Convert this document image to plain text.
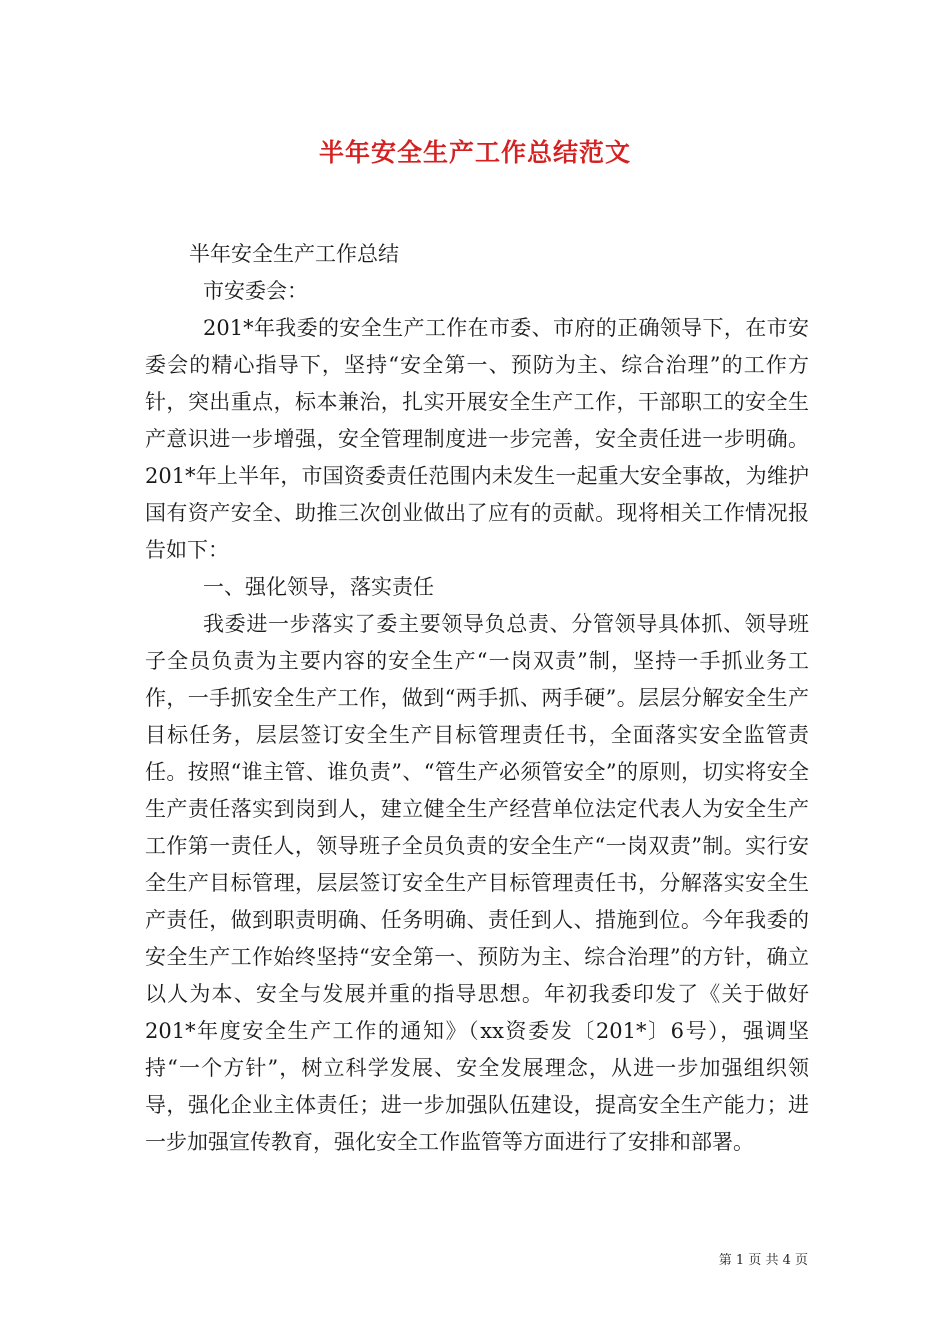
半年安全生产工作总结范文

半年安全生产工作总结

市安委会：

201*年我委的安全生产工作在市委、市府的正确领导下，在市安委会的精心指导下，坚持“安全第一、预防为主、综合治理”的工作方针，突出重点，标本兼治，扎实开展安全生产工作，干部职工的安全生产意识进一步增强，安全管理制度进一步完善，安全责任进一步明确。201*年上半年，市国资委责任范围内未发生一起重大安全事故，为维护国有资产安全、助推三次创业做出了应有的贡献。现将相关工作情况报告如下：

一、强化领导，落实责任

我委进一步落实了委主要领导负总责、分管领导具体抓、领导班子全员负责为主要内容的安全生产“一岗双责”制，坚持一手抓业务工作，一手抓安全生产工作，做到“两手抓、两手硬”。层层分解安全生产目标任务，层层签订安全生产目标管理责任书，全面落实安全监管责任。按照“谁主管、谁负责”、“管生产必须管安全”的原则，切实将安全生产责任落实到岗到人，建立健全生产经营单位法定代表人为安全生产工作第一责任人，领导班子全员负责的安全生产“一岗双责”制。实行安全生产目标管理，层层签订安全生产目标管理责任书，分解落实安全生产责任，做到职责明确、任务明确、责任到人、措施到位。今年我委的安全生产工作始终坚持“安全第一、预防为主、综合治理”的方针，确立以人为本、安全与发展并重的指导思想。年初我委印发了《关于做好201*年度安全生产工作的通知》（xx资委发〔201*〕6号），强调坚持“一个方针”，树立科学发展、安全发展理念，从进一步加强组织领导，强化企业主体责任；进一步加强队伍建设，提高安全生产能力；进一步加强宣传教育，强化安全工作监管等方面进行了安排和部署。

第 1 页 共 4 页
